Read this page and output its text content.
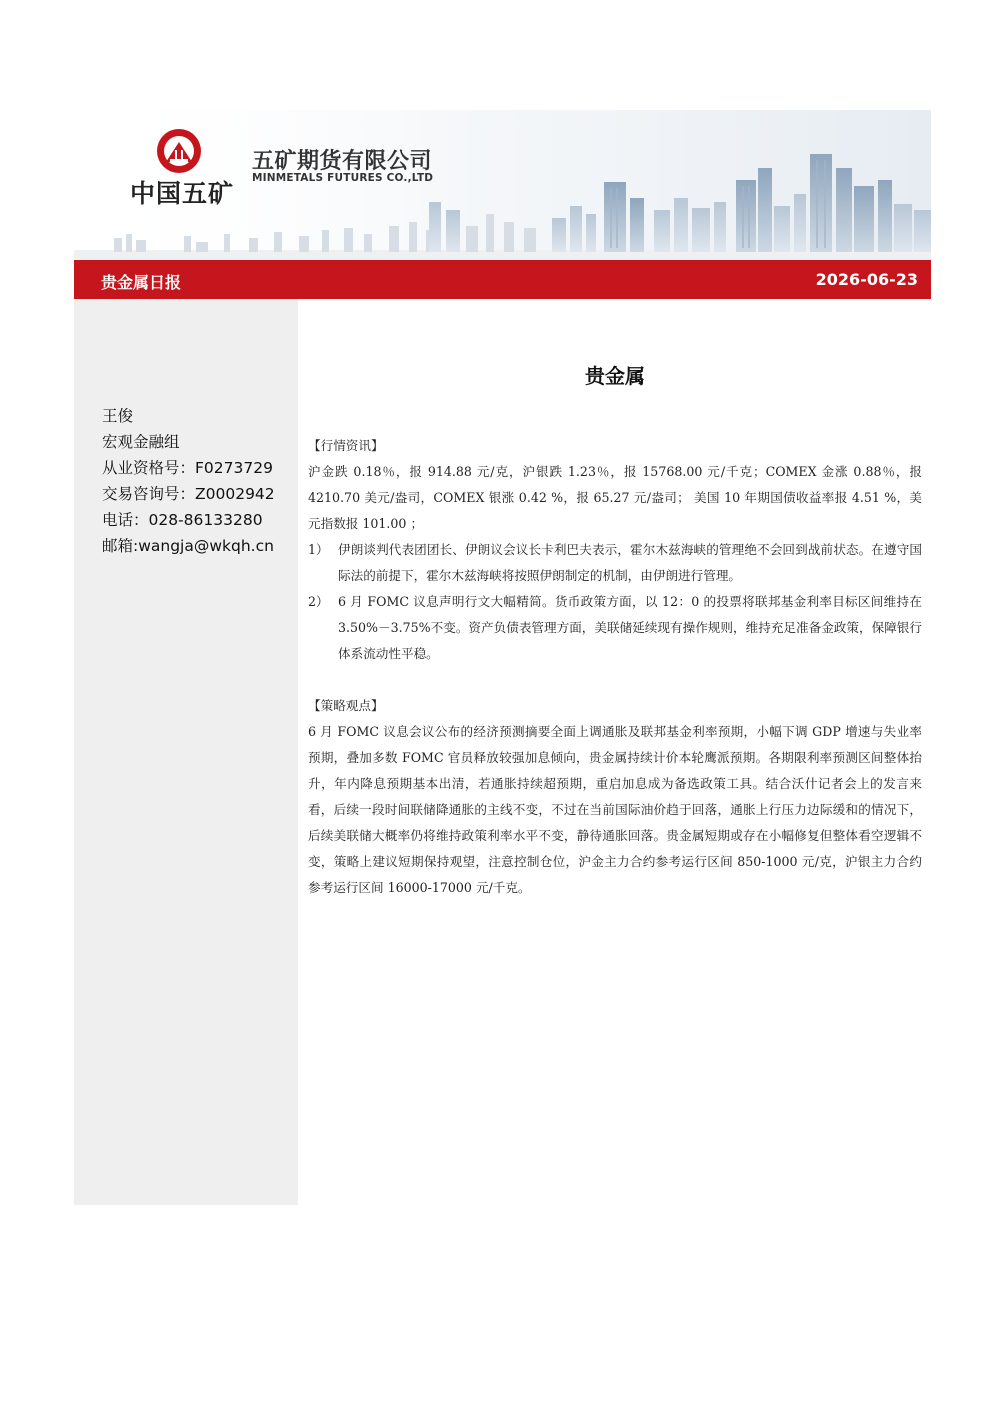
中国五矿
五矿期货有限公司
MINMETALS FUTURES CO.,LTD
贵金属日报	2026-06-23
王俊
宏观金融组
从业资格号：F0273729
交易咨询号：Z0002942
电话：028-86133280
邮箱:wangja@wkqh.cn
贵金属
【行情资讯】
沪金跌 0.18％，报 914.88 元/克，沪银跌 1.23％，报 15768.00 元/千克；COMEX 金涨 0.88％，报 4210.70 美元/盎司，COMEX 银涨 0.42 %，报 65.27 元/盎司； 美国 10 年期国债收益率报 4.51 %，美元指数报 101.00 ；
1） 伊朗谈判代表团团长、伊朗议会议长卡利巴夫表示，霍尔木兹海峡的管理绝不会回到战前状态。在遵守国际法的前提下，霍尔木兹海峡将按照伊朗制定的机制，由伊朗进行管理。
2） 6 月 FOMC 议息声明行文大幅精简。货币政策方面，以 12：0 的投票将联邦基金利率目标区间维持在 3.50%－3.75%不变。资产负债表管理方面，美联储延续现有操作规则，维持充足准备金政策，保障银行体系流动性平稳。
【策略观点】
6 月 FOMC 议息会议公布的经济预测摘要全面上调通胀及联邦基金利率预期，小幅下调 GDP 增速与失业率预期，叠加多数 FOMC 官员释放较强加息倾向，贵金属持续计价本轮鹰派预期。各期限利率预测区间整体抬升，年内降息预期基本出清，若通胀持续超预期，重启加息成为备选政策工具。结合沃什记者会上的发言来看，后续一段时间联储降通胀的主线不变，不过在当前国际油价趋于回落，通胀上行压力边际缓和的情况下，后续美联储大概率仍将维持政策利率水平不变，静待通胀回落。贵金属短期或存在小幅修复但整体看空逻辑不变，策略上建议短期保持观望，注意控制仓位，沪金主力合约参考运行区间 850-1000 元/克，沪银主力合约参考运行区间 16000-17000 元/千克。
